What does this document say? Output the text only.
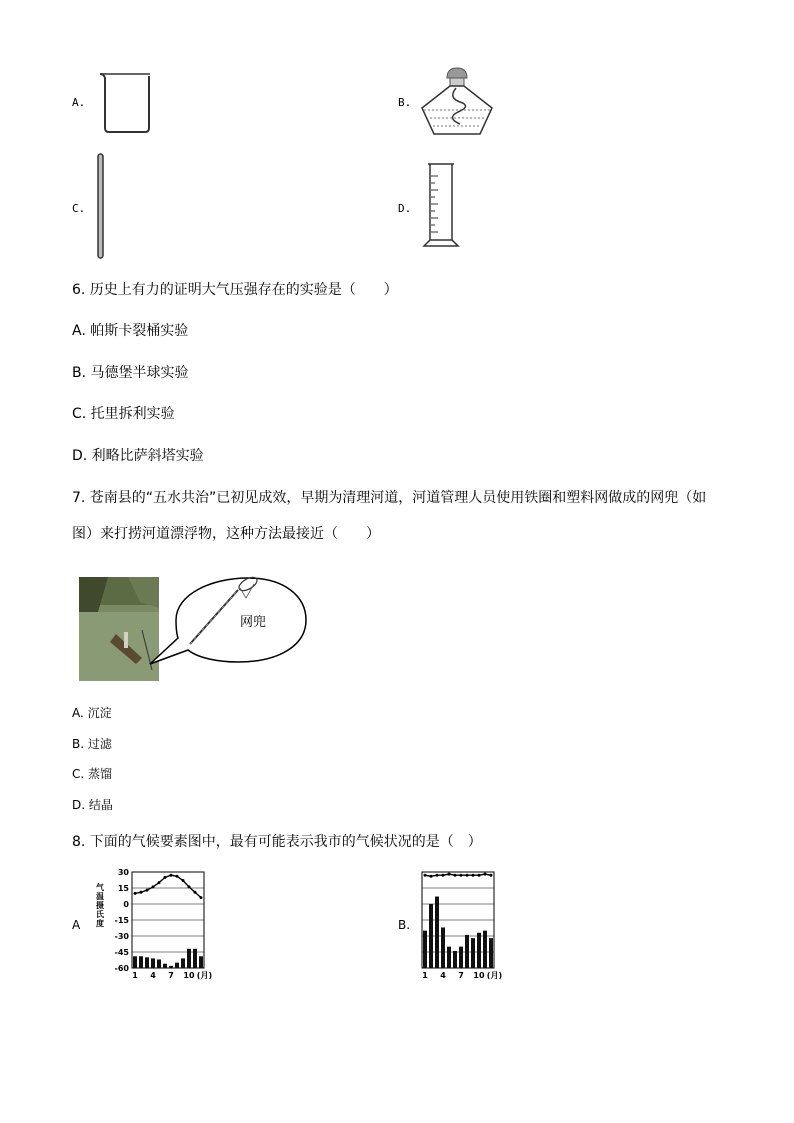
A.	B.
C.	D.
6. 历史上有力的证明大气压强存在的实验是（　　）
A. 帕斯卡裂桶实验
B. 马德堡半球实验
C. 托里拆利实验
D. 利略比萨斜塔实验
7. 苍南县的“五水共治”已初见成效，早期为清理河道，河道管理人员使用铁圈和塑料网做成的网兜（如
图）来打捞河道漂浮物，这种方法最接近（　　）
网兜
A. 沉淀
B. 过滤
C. 蒸馏
D. 结晶
8. 下面的气候要素图中，最有可能表示我市的气候状况的是（　）
A
30
15
0
-15
-30
-45
-60
气
温
摄
氏
度
1 4 7 10 (月)
B.
1 4 7 10 (月)
